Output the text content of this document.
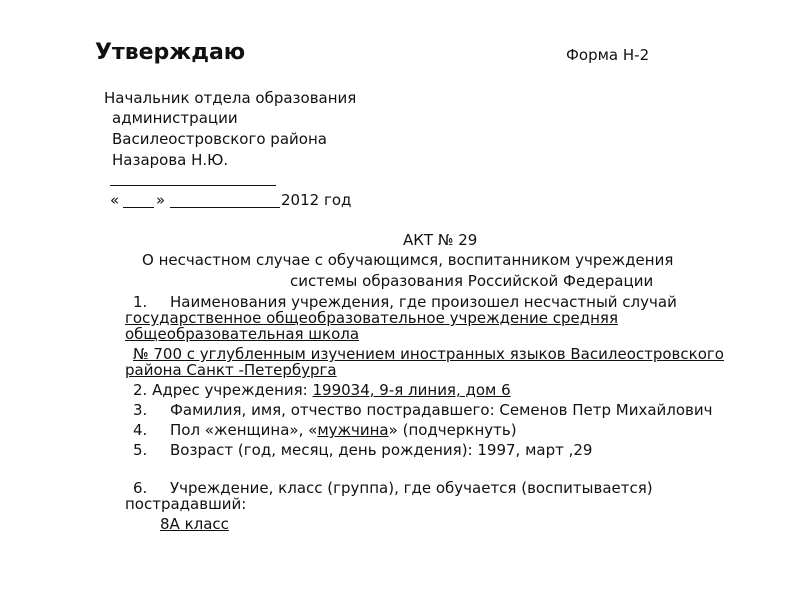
Утверждаю	Форма Н-2
Начальник отдела образования
администрации
Василеостровского района
Назарова Н.Ю.
« »	2012 год
АКТ № 29
О несчастном случае с обучающимся, воспитанником учреждения
системы образования Российской Федерации
1. Наименования учреждения, где произошел несчастный случай
государственное общеобразовательное учреждение средняя
общеобразовательная школа
№ 700 с углубленным изучением иностранных языков Василеостровского
района Санкт -Петербурга
2. Адрес учреждения: 199034, 9-я линия, дом 6
3. Фамилия, имя, отчество пострадавшего: Семенов Петр Михайлович
4. Пол «женщина», «мужчина» (подчеркнуть)
5. Возраст (год, месяц, день рождения): 1997, март ,29
6. Учреждение, класс (группа), где обучается (воспитывается)
пострадавший:
8А класс
